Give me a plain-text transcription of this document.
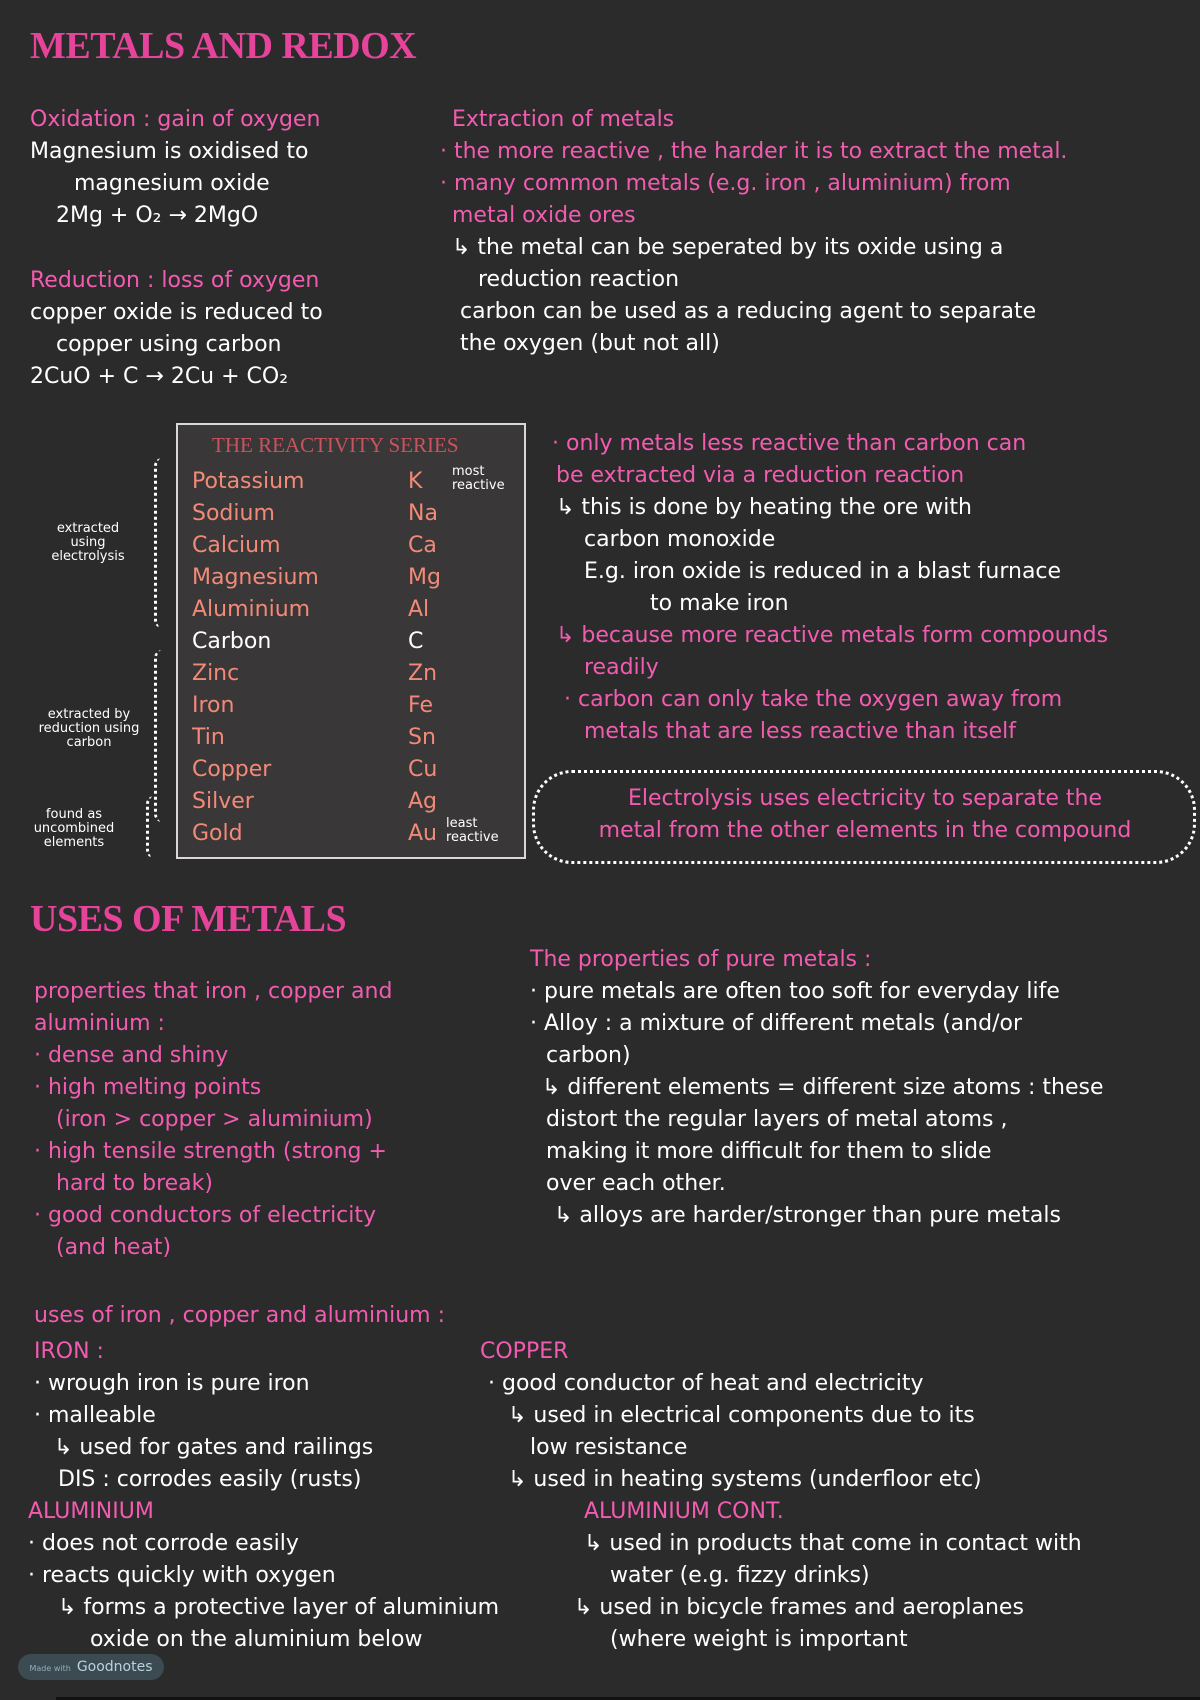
METALS AND REDOX
USES OF METALS
Oxidation : gain of oxygen
Magnesium is oxidised to
magnesium oxide
2Mg + O₂ → 2MgO
Reduction : loss of oxygen
copper oxide is reduced to
copper using carbon
2CuO + C → 2Cu + CO₂
Extraction of metals
· the more reactive , the harder it is to extract the metal.
· many common metals (e.g. iron , aluminium) from
metal oxide ores
↳ the metal can be seperated by its oxide using a
reduction reaction
carbon can be used as a reducing agent to separate
the oxygen (but not all)
extracted using electrolysis
extracted by reduction using carbon
found as uncombined elements
THE REACTIVITY SERIES
most reactive
least reactive
Potassium	K
Sodium	Na
Calcium	Ca
Magnesium	Mg
Aluminium	Al
Carbon	C
Zinc	Zn
Iron	Fe
Tin	Sn
Copper	Cu
Silver	Ag
Gold	Au
· only metals less reactive than carbon can
be extracted via a reduction reaction
↳ this is done by heating the ore with
carbon monoxide
E.g. iron oxide is reduced in a blast furnace
to make iron
↳ because more reactive metals form compounds
readily
· carbon can only take the oxygen away from
metals that are less reactive than itself
Electrolysis uses electricity to separate the
metal from the other elements in the compound
properties that iron , copper and
aluminium :
· dense and shiny
· high melting points
(iron > copper > aluminium)
· high tensile strength (strong +
hard to break)
· good conductors of electricity
(and heat)
The properties of pure metals :
· pure metals are often too soft for everyday life
· Alloy : a mixture of different metals (and/or
carbon)
↳ different elements = different size atoms : these
distort the regular layers of metal atoms ,
making it more difficult for them to slide
over each other.
↳ alloys are harder/stronger than pure metals
uses of iron , copper and aluminium :
IRON :
· wrough iron is pure iron
· malleable
↳ used for gates and railings
DIS : corrodes easily (rusts)
COPPER
· good conductor of heat and electricity
↳ used in electrical components due to its
low resistance
↳ used in heating systems (underfloor etc)
ALUMINIUM
· does not corrode easily
· reacts quickly with oxygen
↳ forms a protective layer of aluminium
oxide on the aluminium below
ALUMINIUM CONT.
↳ used in products that come in contact with
water (e.g. fizzy drinks)
↳ used in bicycle frames and aeroplanes
(where weight is important
Made with Goodnotes
